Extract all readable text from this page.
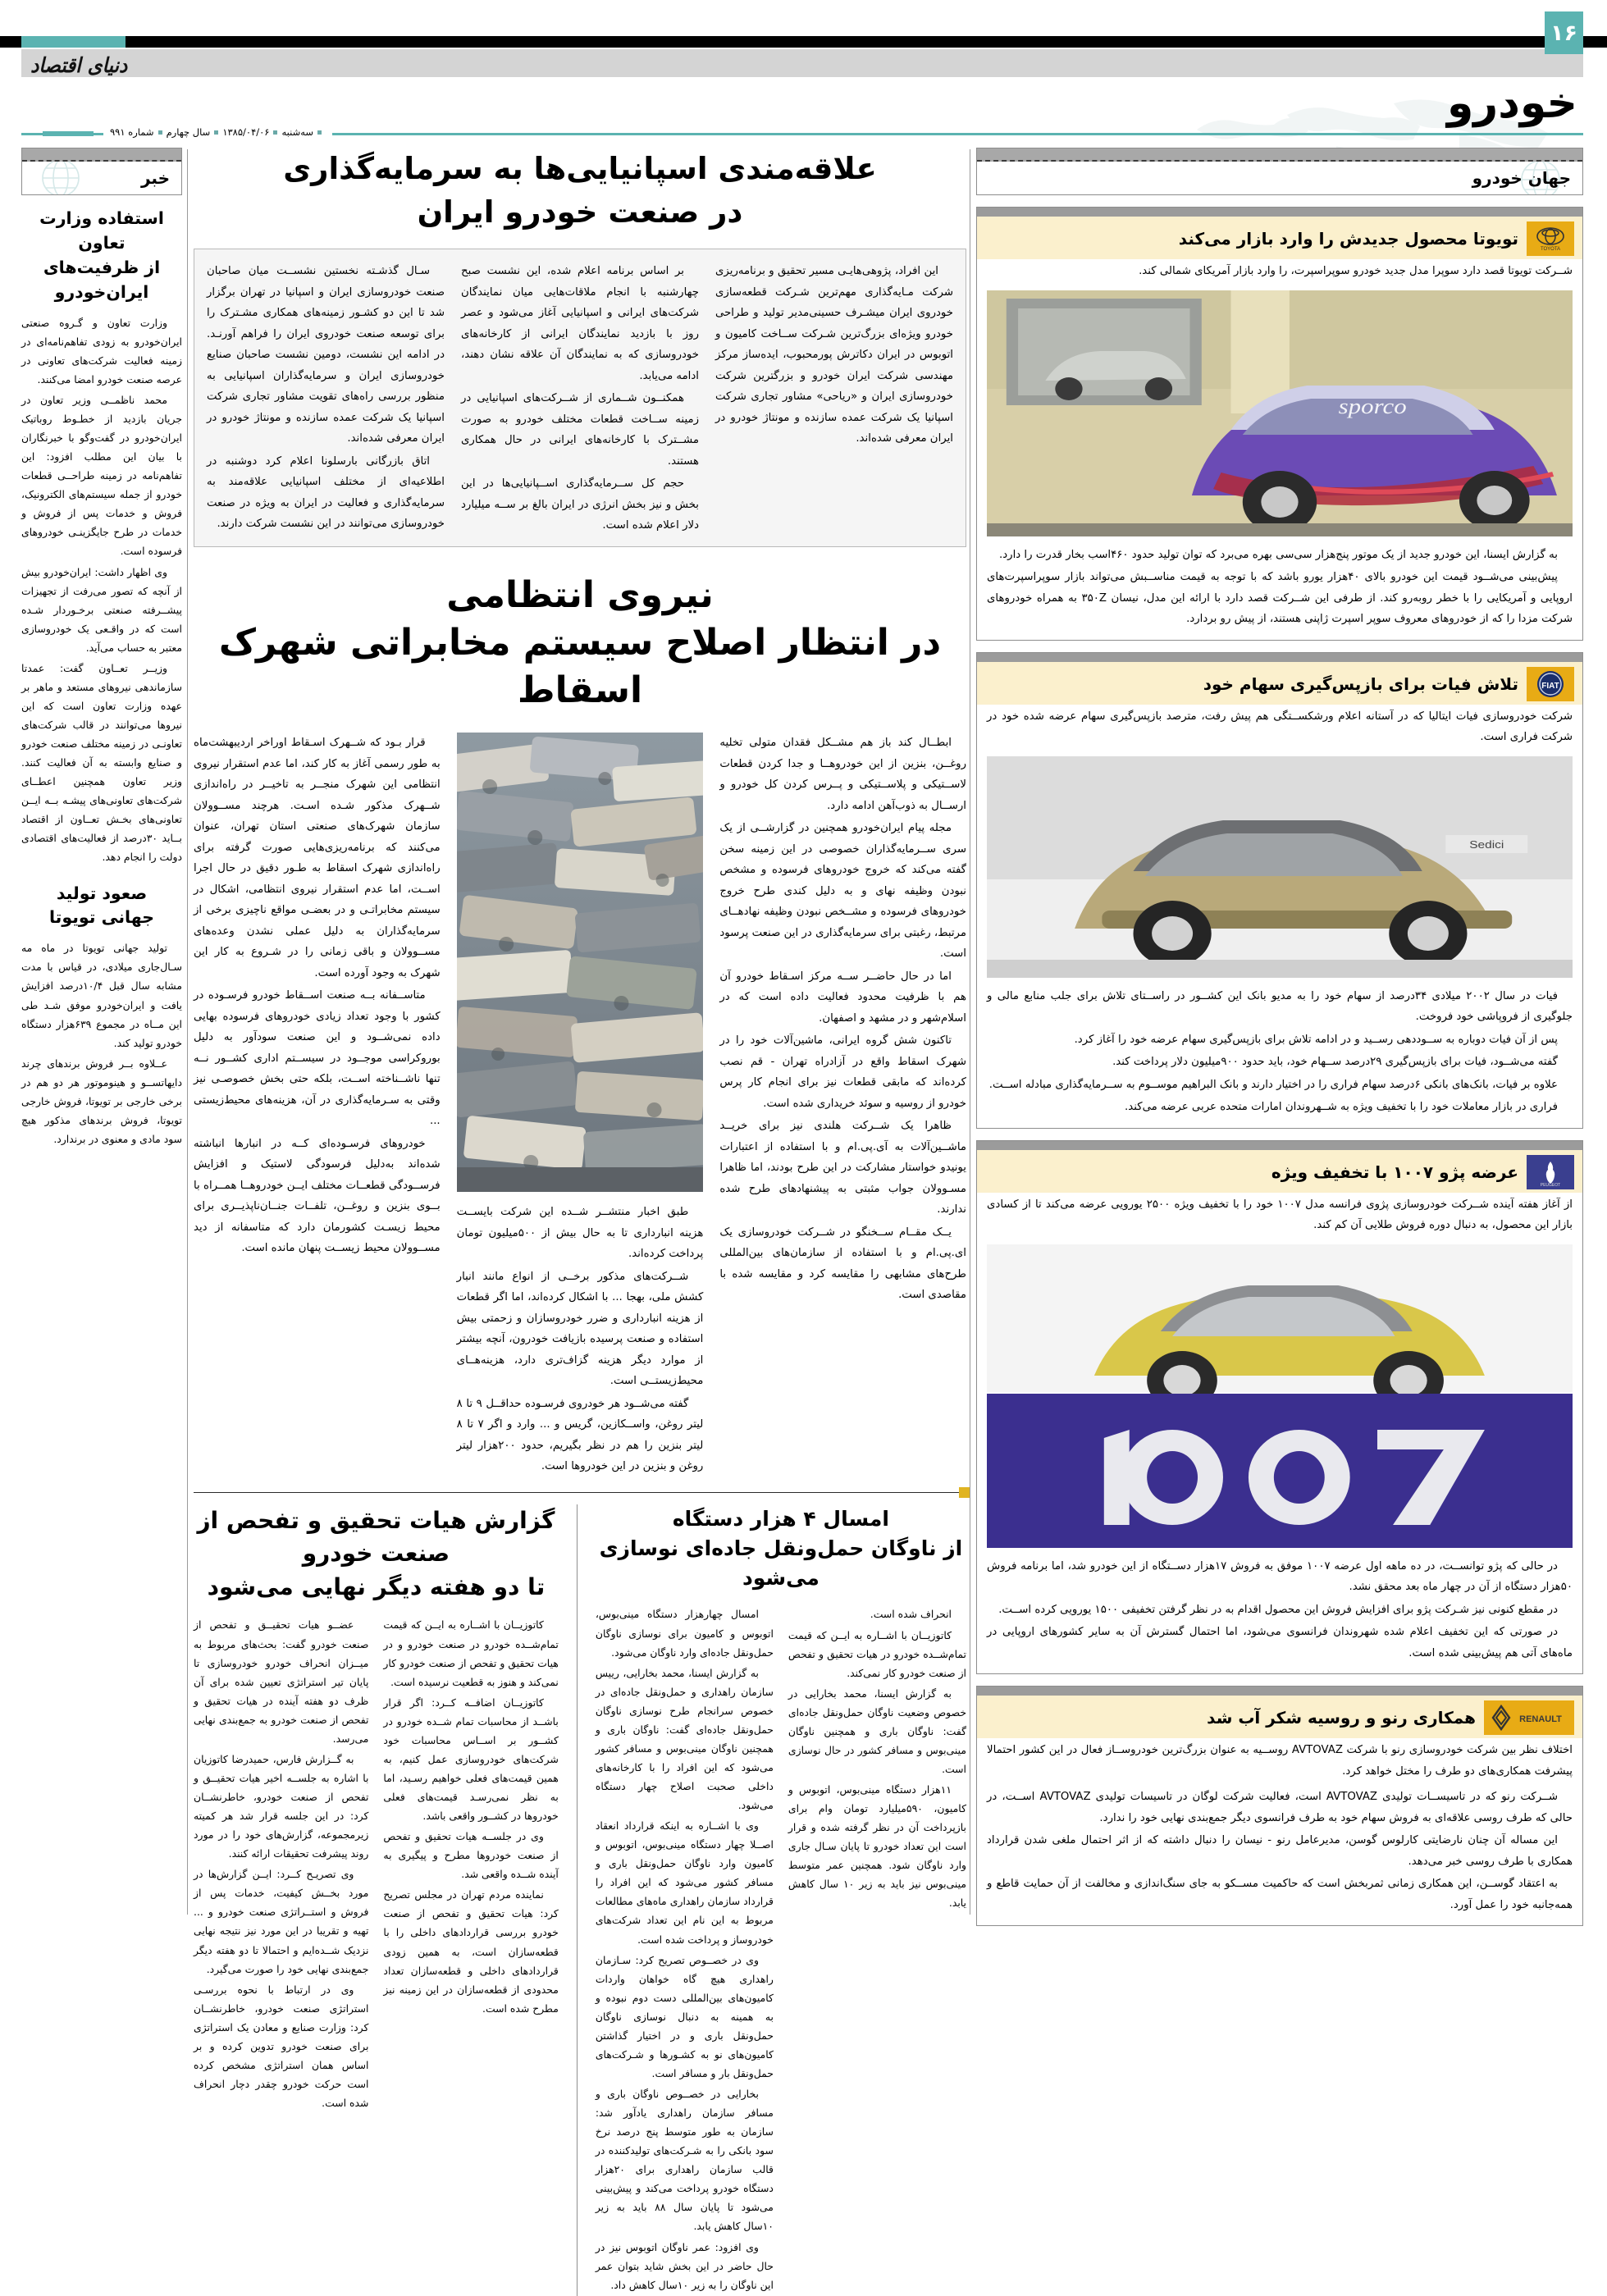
دنیای اقتصاد
۱۶
خودرو
سه‌شنبه۱۳۸۵/۰۴/۰۶سال چهارمشماره ۹۹۱
خبر
استفاده وزارت تعاون
از ظرفیت‌های
ایران‌خودرو

وزارت تعاون و گـروه صنعتی ایران‌خودرو به زودی تفاهم‌نامه‌ای در زمینه فعالیت شرکت‌های تعاونی در عرصه صنعت خودرو امضا می‌کنند.

محمد ناظمــی وزیر تعاون در جریان بازدید از خطـوط روباتیک ایران‌خودرو در گفت‌وگو با خبرنگاران با بیان این مطلب افزود: این تفاهم‌نامه در زمینه طراحــی قطعات خودرو از جمله سیستم‌های الکترونیک، فروش و خدمات پس از فروش و خدمات در طرح جایگزینـی خودروهای فرسوده است.

وی اظهار داشت: ایران‌خودرو بیش از آنچه که تصور می‌رفت از تجهیزات پیشــرفته صنعتی برخـوردار شـده است که در واقـعی یک خودروسازی معتبر به حساب می‌آید.

وزیــر تعــاون گفت: عمدتا سازماندهی نیروهای مستعد و ماهر بر عهده وزارت تعاون است که این نیروها می‌توانند در قالب شرکت‌های تعاونـی در زمینه مختلف صنعت خودرو و صنایع وابسته به آن فعالیت کنند. وزیر تعاون همچنین اعطــای شرکت‌های تعاونی‌های پیشـه بــه ایــن تعاونی‌های بخـش تعــاون از اقتصاد بــاید ۳۰درصد از فعالیت‌های اقتصادی دولت را انجام دهد.

صعود تولید
جهانی تویوتا

تولید جهانی تویوتا در ماه مه سـال‌جاری میلادی، در قیاس با مدت مشابه سال قبل ۱۰/۴درصد افزایش یافت و ایران‌خودرو موفق شـد طی این مــاه در مجموع ۶۳۹هزار دستگاه خودرو تولید کند.

عــلاوه بــر فروش برندهای چرند دایهاتســو و هینوموتور هر دو هم در برخی خارجی بر تویوتا، فروش خارجی تویوتا، فروش برندهای مذکور هیچ سود مادی و معنوی در برندارد.

علاقه‌مندی اسپانیایی‌ها به سرمایه‌گذاری
در صنعت خودرو ایران

این افراد، پژوهی‌هایـی مسیر تحقیق و برنامه‌ریزی شرکت مـایه‌گذاری مهم‌ترین شـرکت قطعه‌سازی خودروی ایران میشـرف حسینی‌مدیر تولید و طراحی خودرو ویژه‌ای بزرگ‌ترین شـرکت ســاخت کامیون و اتوبوس در ایران دکاترش پورمحبوب، ایده‌ساز مرکز مهندسی شرکت ایران خودرو و بزرگترین شرکت خودروسازی ایران و «ریاحی» مشاور تجاری شرکت اسپانیا یک شرکت عمده سازنده و مونتاژ خودرو در ایران معرفی شده‌اند.

بر اساس برنامه اعلام شده، این نشست صبح چهارشنبه با انجام ملاقات‌هایی میان نمایندگان شرکت‌های ایرانی و اسپانیایی آغاز می‌شود و عصر روز با بازدید نمایندگان ایرانی از کارخانه‌های خودروسازی که به نمایندگان آن علاقه نشان دهند، ادامه می‌یابد.

همکنــون شــماری از شــرکت‌های اسپانیایی در زمینه ســاخت قطعات مختلف خودرو به صورت مشــترک با کارخانه‌های ایرانی در حال همکاری هستند.

حجم کل ســرمایه‌گذاری اســپانیایی‌ها در این بخش و نیز بخش انرژی در ایران بالغ بر ســه میلیارد دلار اعلام شده است.

سـال گذشـته نخستین نشســت میان صاحبان صنعت خودروسازی ایران و اسپانیا در تهران برگزار شد تا این دو کشـور زمینه‌های همکاری مشـترک را برای توسعه صنعت خودروی ایران را فراهم آورنـد. در ادامه این نشست، دومین نشست صاحبان صنایع خودروسازی ایران و سرمایه‌گذاران اسپانیایی به منظور بررسی راه‌های تقویت مشاور تجاری شرکت اسپانیا یک شرکت عمده سازنده و مونتاژ خودرو در ایران معرفی شده‌اند.

اتاق بازرگانی بارسلونا اعلام کرد دوشنبه در اطلاعیه‌ای از مختلف اسپانیایی علاقه‌مند به سرمایه‌گذاری و فعالیت در ایران به ویژه در صنعت خودروسازی می‌توانند در این نشست شرکت دارند.

نیروی انتظامی
در انتظار اصلاح سیستم مخابراتی شهرک اسقاط

ابطــال کند باز هم مشــکل فقدان متولی تخلیه روغــن، بنزین از این خودروهــا و جدا کردن قطعات لاســتیکی و پلاســتیکی و پــرس کردن کل خودرو و ارســال به ذوب‌آهن ادامه دارد.

مجله پیام ایران‌خودرو همچنین در گزارشــی از یک سری ســرمایه‌گذاران خصوصی در این زمینه سخن گفته می‌کند که خروج خودروهای فرسوده و مشخص نبودن وظیفه نهای و به دلیل کندی طرح خروج خودروهای فرسوده و مشــخص نبودن وظیفه نهادهــای مرتبط، رغبتی برای سرمایه‌گذاری در این صنعت پرسود است.

اما در حال حاضــر ســه مرکز اسـقاط خودرو آن هم با ظرفیت محدود فعالیت داده است که در اسلام‌شهر و در مشهد و اصفهان.

تاکنون شش گروه ایرانی، ماشین‌آلات خود را در شهرک اسقاط واقع در آزادراه تهران - قم نصب کرده‌اند که مابقی قطعات نیز برای انجام کار پرس خودرو از روسیه و سوئد خریداری شده است.

ظاهرا یک شــرکت هلندی نیز برای خریــد ماشــین‌آلات به آی.پی.ام و با استفاده از اعتبارات یونیدو خواستار مشارکت در این طرح بودند، اما ظاهرا مسـوولان جواب مثبتی به پیشنهادهای طرح شده ندارند.

یــک مقــام ســخنگو در شــرکت خودروسازی یک ای.پی.ام و با استفاده از سازمان‌های بین‌المللی طرح‌های مشابهی را مقایسه کرد و مقایسه شده با مقاصدی است.

طبق اخبار منتشــر شــده این شرکت بایســت هزینه انبارداری تا به حال بیش از ۵۰۰میلیون تومان پرداخت کرده‌اند.

شــرکت‌های مذکور برخــی از انواع مانند انبار کشش ملی، بهجا ... با اشکال کرده‌اند، اما اگر قطعات از هزینه انبارداری و ضرر خودروسازان و زحمتی بیش استفاده و صنعت پرسیده بازیافت خودرون، آنچه بیشتر از موارد دیگر هزینه گزاف‌تری دارد، هزینه‌هــای محیط‌زیستــی است.

گفته می‌شــود هر خودروی فرسـوده حداقــل ۹ تا ۸ لیتر روغن، واســکازین، گریس و ... وارد و اگر ۷ تا ۸ لیتر بنزین را هم در نظر بگیریم، حدود ۲۰۰هزار لیتر روغن و بنزین در این خودروها است.

قرار بـود که شــهرک اسـقاط اوراخر اردیبهشت‌ماه به طور رسمی آغاز به کار کند، اما عدم استقرار نیروی انتظامی این شهرک منجــر به تاخیــر در راه‌اندازی شــهرک مذکور شـده اسـت. هرچند مســوولان سازمان شهرک‌های صنعتی استان تهران، عنوان می‌کنند که برنامه‌ریزی‌هایی صورت گرفته برای راه‌اندازی شهرک اسقاط به طـور دقیق در حال اجرا اســت، اما عدم استقرار نیروی انتظامی، اشکال در سیستم مخابراتـی و در بعضـی مواقع ناچیزی برخی از سرمایه‌گذاران به دلیل عملی نشدن وعده‌های مســوولان و باقی زمانی را در شـروع به کار این شهرک به وجود آورده است.

متاســفانه بــه صنعت اســقاط خودرو فرسـوده در کشور با وجود تعداد زیادی خودروهای فرسوده بهایی داده نمی‌شــود و این صنعت سودآور به دلیل بوروکراسی موجــود در سیســتم اداری کشــور نــه تنها ناشــناخته اســت، بلکه حتی بخش خصوصـی نیز وقتی به سـرمایه‌گذاری در آن، هزینه‌های محیط‌زیستی ...

خودروهای فرسـوده‌ای کــه در انبارها انباشته شده‌اند به‌دلیل فرسودگی لاستیک و افزایش فرســودگی قطعــات مختلف ایــن خودروهــا همــراه با بــوی بنزین و روغــن، تلفــات جنــان‌ناپذیــری برای محیط زیسـت کشورمان دارد که متاسفانه از دید مســوولان محیط زیســت پنهان مانده است.

امسال ۴ هزار دستگاه
از ناوگان حمل‌ونقل جاده‌ای نوسازی می‌شود

انحراف شده است.

کاتوزیــان با اشــاره به ایــن که قیمت تمام‌شــده خودرو در هیات تحقیق و تفحص از صنعت خودرو کار نمی‌کند.

به گزارش ایسنا، محمد بخارایی در خصوص وضعیت ناوگان حمل‌ونقل جاده‌ای گفت: ناوگان باری و همچنین ناوگان مینی‌بوس و مسافر کشور در حال نوسازی است.

۱۱هزار دستگاه مینی‌بوس، اتوبوس و کامیون، ۵۹۰میلیارد تومان وام برای بازپرداخت آن در نظر گرفته شده و قرار است این تعداد خودرو تا پایان سـال جاری وارد ناوگان شود. همچنین عمر متوسط مینی‌بوس نیز باید به زیر ۱۰ سال کاهش یابد.

امسال چهارهزار دستگاه مینی‌بوس، اتوبوس و کامیون برای نوسازی ناوگان حمل‌ونقل جاده‌ای وارد ناوگان می‌شود.

به گزارش ایسنا، محمد بخارایی، رییس سازمان راهداری و حمل‌ونقل جاده‌ای در خصوص سرانجام طرح نوسازی ناوگان حمل‌ونقل جاده‌ای گفت: ناوگان باری و همچنین ناوگان مینی‌بوس و مسافر کشور می‌شود که این افراد را با کارخانه‌های داخلی صحبت اصلاح چهار دستگاه می‌شود.

وی با اشــاره به اینکه قرارداد انعقاد اصــلا چهار دستگاه مینی‌بوس، اتوبوس و کامیون وارد ناوگان حمل‌ونقل باری و مسافر کشور می‌شود که این افراد را قرارداد سازمان راهداری ماه‌های مطالعات مربوط به این نام این تعداد شرکت‌های خودروساز و پرداخت شده است.

وی در خصــوص تصریح کرد: سـازمان راهداری هیچ گاه خواهان واردات کامیون‌های بین‌المللی دست دوم نبوده و به همینه به دنبال نوسازی ناوگان حمل‌ونقل باری و در اختیار گذاشتن کامیون‌های نو به کشـورها و شـرکت‌های حمل‌ونقل بار و مسافر است.

بخارایی در خصــوص ناوگان باری و مسافر سازمان راهداری یادآور شد: سازمان به طور متوسط پنج درصد نرخ سود بانکی را به شـرکت‌های تولیدکننده در قالب سازمان راهداری برای ۲۰هزار دستگاه خودرو پرداخت می‌کند و پیش‌بینی می‌شود تا پایان سال ۸۸ باید به زیر ۱۰سال کاهش یابد.

وی افزود: عمر ناوگان اتوبوس نیز در حال حاضر در این بخش شاید بتوان عمر این ناوگان را به زیر ۱۰سال کاهش داد.

گزارش هیات تحقیق و تفحص از صنعت خودرو
تا دو هفته دیگر نهایی می‌شود

کاتوزیــان با اشــاره به ایــن که قیمت تمام‌شــده خودرو در صنعت خودرو و در هیات تحقیق و تفحص از صنعت خودرو کار نمی‌کند و هنوز به قطعیت نرسیده است.

کاتوزیــان اضافــه کــرد: اگر قرار باشــد از محاسبات تمام شــده خودرو در کشــور بر اســاس محاسبات خود شرکت‌های خودروسازی عمل کنیم، به همین قیمت‌های فعلی خواهیم رسـید، اما به نظر نمی‌رسـد قیمت‌های فعلی خودروها در کشــور واقعی باشد.

وی در جلســه هیات تحقیق و تفحص از صنعت خودروها مطرح و پیگیری به آینده شــده واقعی شد.

نماینده مردم تهران در مجلس تصریح کرد: هیات تحقیق و تفحص از صنعت خودرو بررسی قراردادهای داخلی را با قطعه‌سازان است، به همین زودی قراردادهای داخلی و قطعه‌سازان تعداد محدودی از قطعه‌سازان در این زمینه نیز مطرح شده است.

عضــو هیات تحقیــق و تفحص از صنعت خودرو گفت: بحث‌های مربوط به میــزان انحراف خودرو خودروسازی تا پایان تیر استراتژی تعیین شده برای آن ظرف دو هفته آینده در هیات تحقیق و تفحص از صنعت خودرو به جمع‌بندی نهایی می‌رسد.

به گــزارش فارس، حمیدرضا کاتوزیان با اشاره به جلســه اخیر هیات تحقیــق و تفحص از صنعت خودرو، خاطرنشــان کرد: در این جلسه قرار شد هر کمیته زیرمجموعه، گزارش‌های خود را در مورد روند پیشرفت تحقیقات ارائه کنند.

وی تصریـح کــرد: ایــن گزارش‌ها در مورد بخــش کیفیت، خدمات پس از فروش و استــراتژی صنعت خودرو و ... تهیه و تقریبا در این مورد نیز نتیجه نهایی نزدیک شــده‌ایم و احتمالا تا دو هفته دیگر جمع‌بندی نهایی خود را صورت می‌گیرد.

وی در ارتباط با نحوه بررسـی استراتژی صنعت خودرو، خاطرنشــان کرد: وزارت صنایع و معادن یک استراتژی برای صنعت خودرو تدوین کرده و بر اساس همان استراتژی مشخص کرده است حرکت خودرو چقدر دچار انحراف شده است.

جهان خودرو
TOYOTA
تویوتا محصول جدیدش را وارد بازار می‌کند
شــرکت تویوتا قصد دارد سوپرا مدل جدید خودرو سوپراسپرت، را وارد بازار آمریکای شمالی کند.
sporco

به گزارش ایسنا، این خودرو جدید از یک موتور پنج‌هزار سی‌سی بهره می‌برد که توان تولید حدود ۴۶۰اسب بخار قدرت را دارد.

پیش‌بینی می‌شــود قیمت این خودرو بالای ۴۰هزار یورو باشد که با توجه به قیمت مناســبش می‌تواند بازار سوپراسپرت‌های اروپایی و آمریکایی را با خطر روبه‌رو کند. از طرفی این شــرکت قصد دارد با ارائه این مدل، نیسان ۳۵۰Z به همراه خودروهای شرکت مزدا را که از خودروهای معروف سوپر اسپرت ژاپنی هستند، از پیش رو بردارد.

FIAT
تلاش فیات برای بازپس‌گیری سهام خود
شرکت خودروسازی فیات ایتالیا که در آستانه اعلام ورشکســتگی هم پیش رفت، مترصد بازپس‌گیری سهام عرضه شده خود در شرکت فراری است.
Sedici

فیات در سال ۲۰۰۲ میلادی ۳۴درصد از سهام خود را به مدیو بانک این کشــور در راســتای تلاش برای جلب منابع مالی و جلوگیری از فروپاشی خود فروخت.

پس از آن فیات دوباره به ســوددهی رســید و در ادامه تلاش برای بازپس‌گیری سهام عرضه خود را آغاز کرد.

گفته می‌شــود، فیات برای بازپس‌گیری ۲۹درصد ســهام خود، باید حدود ۹۰۰میلیون دلار پرداخت کند.

علاوه بر فیات، بانک‌های بانکی ۶درصد سهام فراری را در اختیار دارند و بانک البراهیم موســوم به ســرمایه‌گذاری مبادله اســت.

فراری در بازار معاملات خود را با تخفیف ویژه به شــهروندان امارات متحده عربی عرضه می‌کند.

PEUGEOT
عرضه پژو ۱۰۰۷ با تخفیف ویژه
از آغاز هفته آینده شــرکت خودروسازی پژوی فرانسه مدل ۱۰۰۷ خود را با تخفیف ویژه ۲۵۰۰ یورویی عرضه می‌کند تا از کسادی بازار این محصول، به دنبال دوره فروش طلایی آن کم کند.

در حالی که پژو توانســت، در ده ماهه اول عرضه ۱۰۰۷ موفق به فروش ۱۷هزار دســتگاه از این خودرو شد، اما برنامه فروش ۵۰هزار دستگاه از آن در چهار ماه بعد محقق نشد.

در مقطع کنونی نیز شـرکت پژو برای افزایش فروش این محصول اقدام به در نظر گرفتن تخفیفی ۱۵۰۰ یورویی کرده اســت.

در صورتی که این تخفیف اعلام شده شهروندان فرانسوی می‌شود، اما احتمال گسترش آن به سایر کشورهای اروپایی در ماه‌های آتی هم پیش‌بینی شده است.

RENAULT
همکاری رنو و روسیه شکر آب شد
اختلاف نظر بین شرکت خودروسازی رنو با شرکت AVTOVAZ روســیه به عنوان بزرگ‌ترین خودروســاز فعال در این کشور احتمالا پیشرفت همکاری‌های دو طرف را مختل خواهد کرد.

شــرکت رنو که در تاسیســات تولیدی AVTOVAZ است، فعالیت شرکت لوگان در تاسیسات تولیدی AVTOVAZ اســت، در حالی که طرف روسی علاقه‌ای به فروش سهام خود به طرف فرانسوی دیگر جمع‌بندی نهایی خود را ندارد.

این مساله آن چنان نارضایتی کارلوس گوسن، مدیرعامل رنو - نیسان را دنبال داشته که از اثر احتمال ملغی شدن قرارداد همکاری با طرف روسی خبر می‌دهد.

به اعتقاد گوســن، این همکاری زمانی ثمربخش است که حاکمیت مســکو به جای سنگ‌اندازی و مخالفت از آن حمایت قاطع و همه‌جانبه خود را عمل آورد.
